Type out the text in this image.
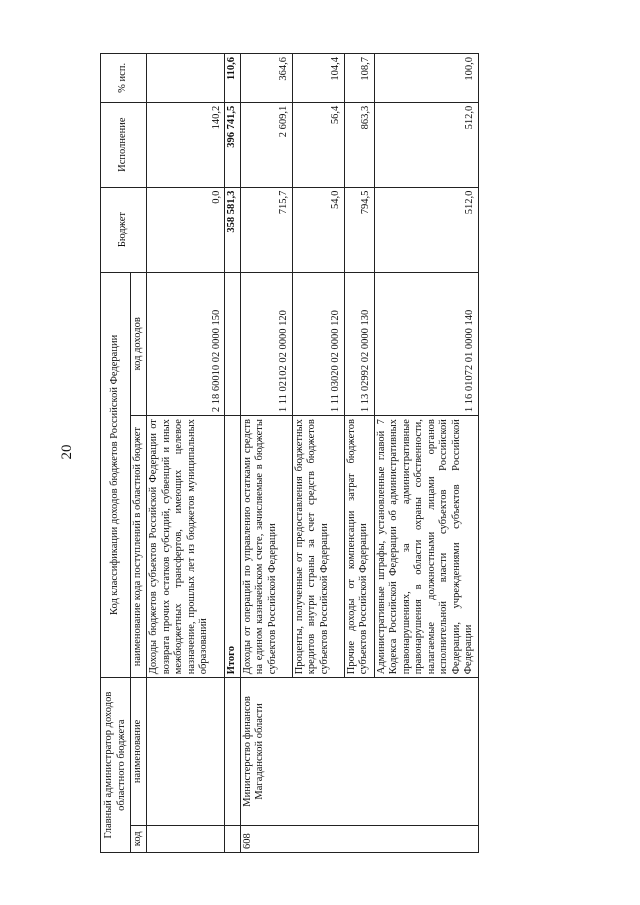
20
Главный администратор доходов областного бюджета		Код классификации доходов бюджетов Российской Федерации		Бюджет	Исполнение	% исп.
код	наименование	наименование кода поступлений в областной бюджет	код доходов			
		Доходы бюджетов субъектов Российской Федерации от возврата прочих остатков субсидий, субвенций и иных межбюджетных трансфертов, имеющих целевое назначение, прошлых лет из бюджетов муниципальных образований	2 18 60010 02 0000 150	0,0	140,2	
		Итого		358 581,3	396 741,5	110,6
608	Министерство финансов Магаданской области	Доходы от операций по управлению остатками средств на едином казначейском счете, зачисляемые в бюджеты субъектов Российской Федерации	1 11 02102 02 0000 120	715,7	2 609,1	364,6
		Проценты, полученные от предоставления бюджетных кредитов внутри страны за счет средств бюджетов субъектов Российской Федерации	1 11 03020 02 0000 120	54,0	56,4	104,4
		Прочие доходы от компенсации затрат бюджетов субъектов Российской Федерации	1 13 02992 02 0000 130	794,5	863,3	108,7
		Административные штрафы, установленные главой 7 Кодекса Российской Федерации об административных правонарушениях, за административные правонарушения в области охраны собственности, налагаемые должностными лицами органов исполнительной власти субъектов Российской Федерации, учреждениями субъектов Российской Федерации	1 16 01072 01 0000 140	512,0	512,0	100,0
